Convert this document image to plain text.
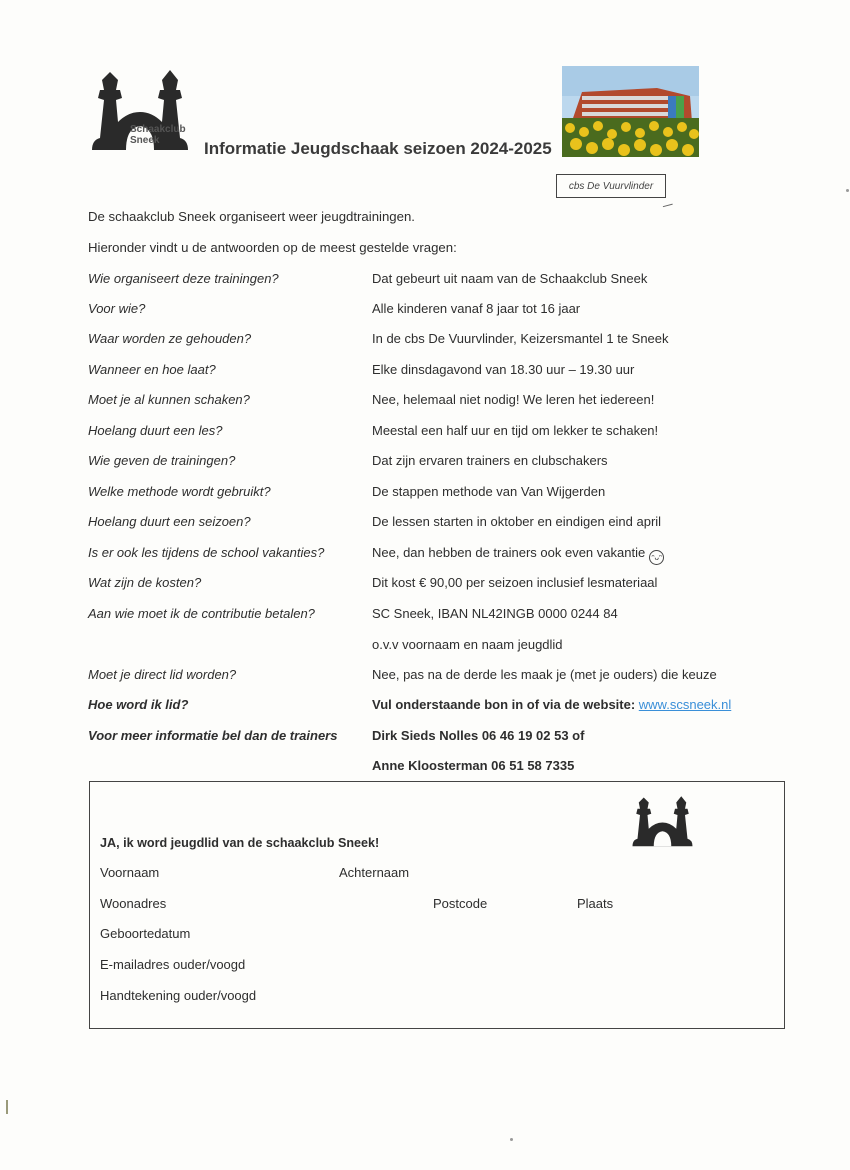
Schaakclub
Sneek	Informatie Jeugdschaak seizoen 2024-2025
cbs De Vuurvlinder
De schaakclub Sneek organiseert weer jeugdtrainingen.
Hieronder vindt u de antwoorden op de meest gestelde vragen:
Wie organiseert deze trainingen?	Dat gebeurt uit naam van de Schaakclub Sneek
Voor wie?	Alle kinderen vanaf 8 jaar tot 16 jaar
Waar worden ze gehouden?	In de cbs De Vuurvlinder, Keizersmantel 1 te Sneek
Wanneer en hoe laat?	Elke dinsdagavond van 18.30 uur – 19.30 uur
Moet je al kunnen schaken?	Nee, helemaal niet nodig! We leren het iedereen!
Hoelang duurt een les?	Meestal een half uur en tijd om lekker te schaken!
Wie geven de trainingen?	Dat zijn ervaren trainers en clubschakers
Welke methode wordt gebruikt?	De stappen methode van Van Wijgerden
Hoelang duurt een seizoen?	De lessen starten in oktober en eindigen eind april
Is er ook les tijdens de school vakanties?	Nee, dan hebben de trainers ook even vakantie ᵔᴗᵔ
Wat zijn de kosten?	Dit kost € 90,00 per seizoen inclusief lesmateriaal
Aan wie moet ik de contributie betalen?	SC Sneek, IBAN NL42INGB 0000 0244 84
o.v.v voornaam en naam jeugdlid
Moet je direct lid worden?	Nee, pas na de derde les maak je (met je ouders) die keuze
Hoe word ik lid?	Vul onderstaande bon in of via de website: www.scsneek.nl
Voor meer informatie bel dan de trainers	Dirk Sieds Nolles 06 46 19 02 53 of
Anne Kloosterman 06 51 58 7335
JA, ik word jeugdlid van de schaakclub Sneek!
Voornaam	Achternaam
Woonadres	Postcode	Plaats
Geboortedatum
E-mailadres ouder/voogd
Handtekening ouder/voogd
